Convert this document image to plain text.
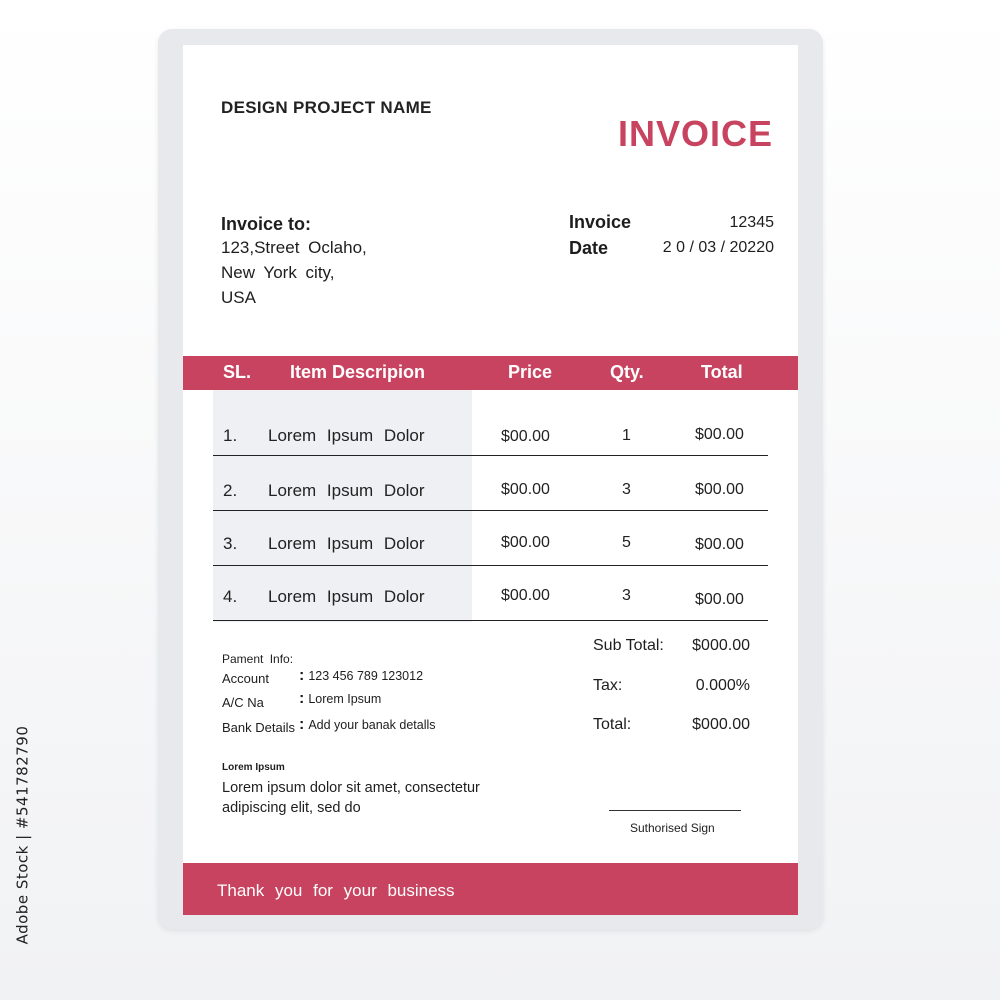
Adobe Stock | #541782790
DESIGN PROJECT NAME
INVOICE
Invoice to:
123,Street Oclaho,
New York city,
USA
Invoice	12345
Date	2 0 / 03 / 20220
SL. Item Descripion	Price	Qty.	Total
1. Lorem Ipsum Dolor	$00.00	1	$00.00
2. Lorem Ipsum Dolor	$00.00	3	$00.00
3. Lorem Ipsum Dolor	$00.00	5	$00.00
4. Lorem Ipsum Dolor	$00.00	3	$00.00
Pament Info:
Account : 123 456 789 123012
A/C Na : Lorem Ipsum
Bank Details : Add your banak detalls
Sub Total: $000.00
Tax:	0.000%
Total:	$000.00
Lorem Ipsum
Lorem ipsum dolor sit amet, consectetur adipiscing elit, sed do
Suthorised Sign
Thank you for your business
